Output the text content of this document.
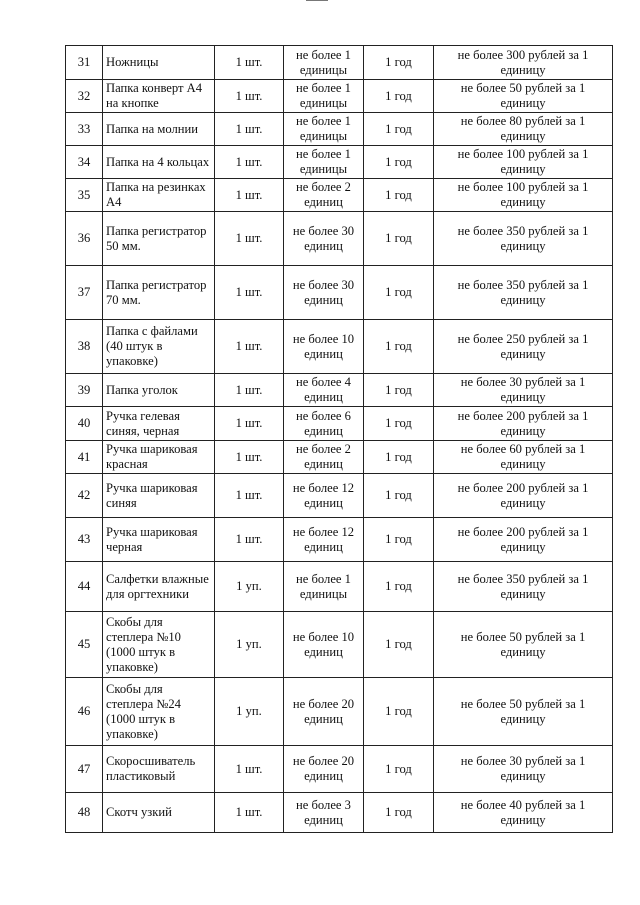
31	Ножницы	1 шт.	не более 1 единицы	1 год	не более 300 рублей за 1 единицу
32	Папка конверт А4 на кнопке	1 шт.	не более 1 единицы	1 год	не более 50 рублей за 1 единицу
33	Папка на молнии	1 шт.	не более 1 единицы	1 год	не более 80 рублей за 1 единицу
34	Папка на 4 кольцах	1 шт.	не более 1 единицы	1 год	не более 100 рублей за 1 единицу
35	Папка на резинках А4	1 шт.	не более 2 единиц	1 год	не более 100 рублей за 1 единицу
36	Папка регистратор 50 мм.	1 шт.	не более 30 единиц	1 год	не более 350 рублей за 1 единицу
37	Папка регистратор 70 мм.	1 шт.	не более 30 единиц	1 год	не более 350 рублей за 1 единицу
38	Папка с файлами (40 штук в упаковке)	1 шт.	не более 10 единиц	1 год	не более 250 рублей за 1 единицу
39	Папка уголок	1 шт.	не более 4 единиц	1 год	не более 30 рублей за 1 единицу
40	Ручка гелевая синяя, черная	1 шт.	не более 6 единиц	1 год	не более 200 рублей за 1 единицу
41	Ручка шариковая красная	1 шт.	не более 2 единиц	1 год	не более 60 рублей за 1 единицу
42	Ручка шариковая синяя	1 шт.	не более 12 единиц	1 год	не более 200 рублей за 1 единицу
43	Ручка шариковая черная	1 шт.	не более 12 единиц	1 год	не более 200 рублей за 1 единицу
44	Салфетки влажные для оргтехники	1 уп.	не более 1 единицы	1 год	не более 350 рублей за 1 единицу
45	Скобы для степлера №10 (1000 штук в упаковке)	1 уп.	не более 10 единиц	1 год	не более 50 рублей за 1 единицу
46	Скобы для степлера №24 (1000 штук в упаковке)	1 уп.	не более 20 единиц	1 год	не более 50 рублей за 1 единицу
47	Скоросшиватель пластиковый	1 шт.	не более 20 единиц	1 год	не более 30 рублей за 1 единицу
48	Скотч узкий	1 шт.	не более 3 единиц	1 год	не более 40 рублей за 1 единицу
